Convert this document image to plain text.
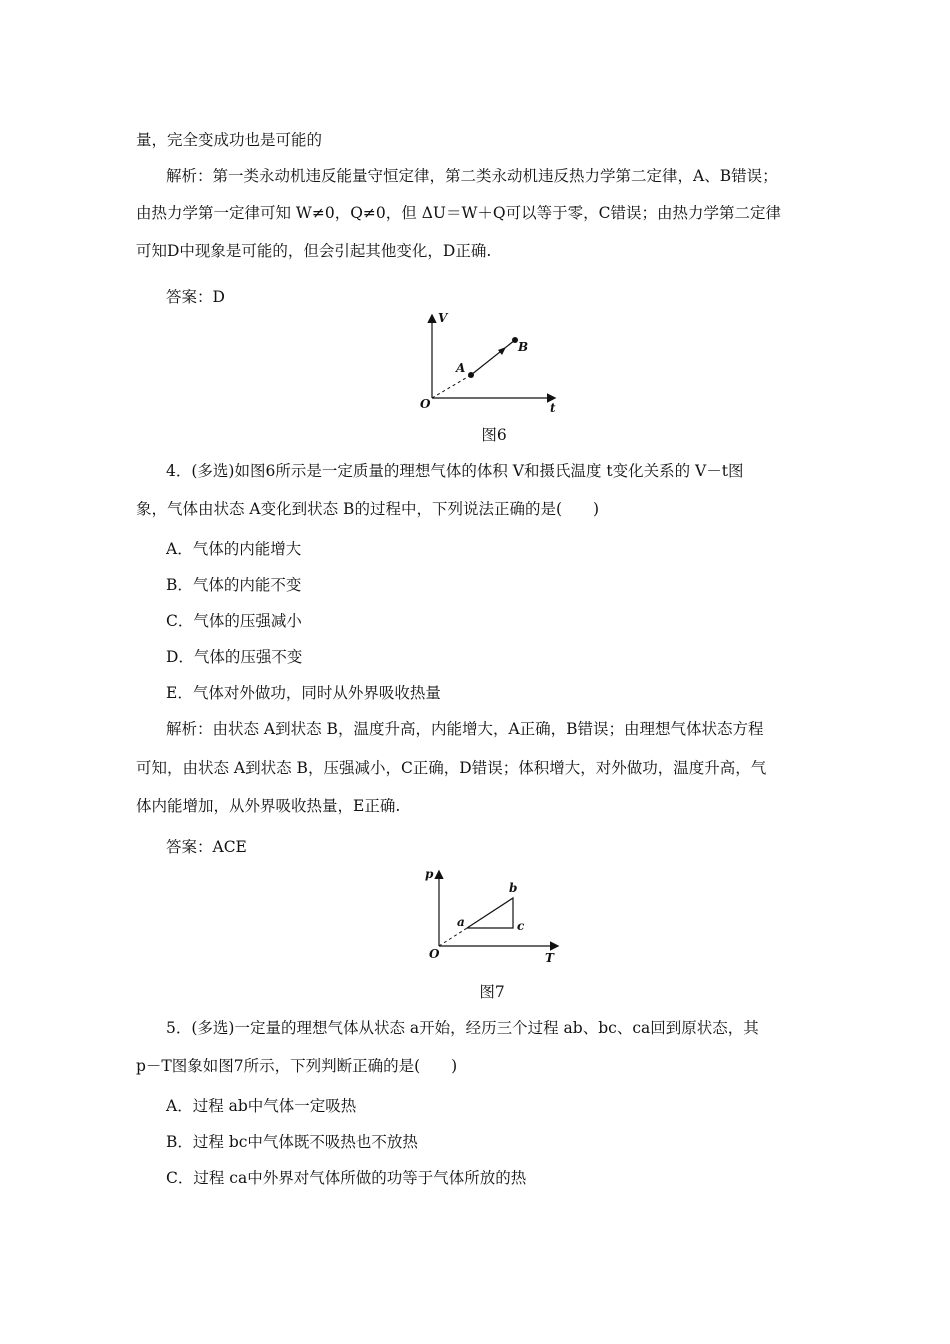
量，完全变成功也是可能的
解析：第一类永动机违反能量守恒定律，第二类永动机违反热力学第二定律，A、B错误；
由热力学第一定律可知 W≠0，Q≠0，但 ΔU＝W＋Q可以等于零，C错误；由热力学第二定律
可知D中现象是可能的，但会引起其他变化，D正确.
答案：D
V
t
O
A
B
图6
4．(多选)如图6所示是一定质量的理想气体的体积 V和摄氏温度 t变化关系的 V－t图
象，气体由状态 A变化到状态 B的过程中，下列说法正确的是(　　)
A．气体的内能增大
B．气体的内能不变
C．气体的压强减小
D．气体的压强不变
E．气体对外做功，同时从外界吸收热量
解析：由状态 A到状态 B，温度升高，内能增大，A正确，B错误；由理想气体状态方程
可知，由状态 A到状态 B，压强减小，C正确，D错误；体积增大，对外做功，温度升高，气
体内能增加，从外界吸收热量，E正确.
答案：ACE
p
T
O
a
b
c
图7
5．(多选)一定量的理想气体从状态 a开始，经历三个过程 ab、bc、ca回到原状态，其
p－T图象如图7所示，下列判断正确的是(　　)
A．过程 ab中气体一定吸热
B．过程 bc中气体既不吸热也不放热
C．过程 ca中外界对气体所做的功等于气体所放的热
